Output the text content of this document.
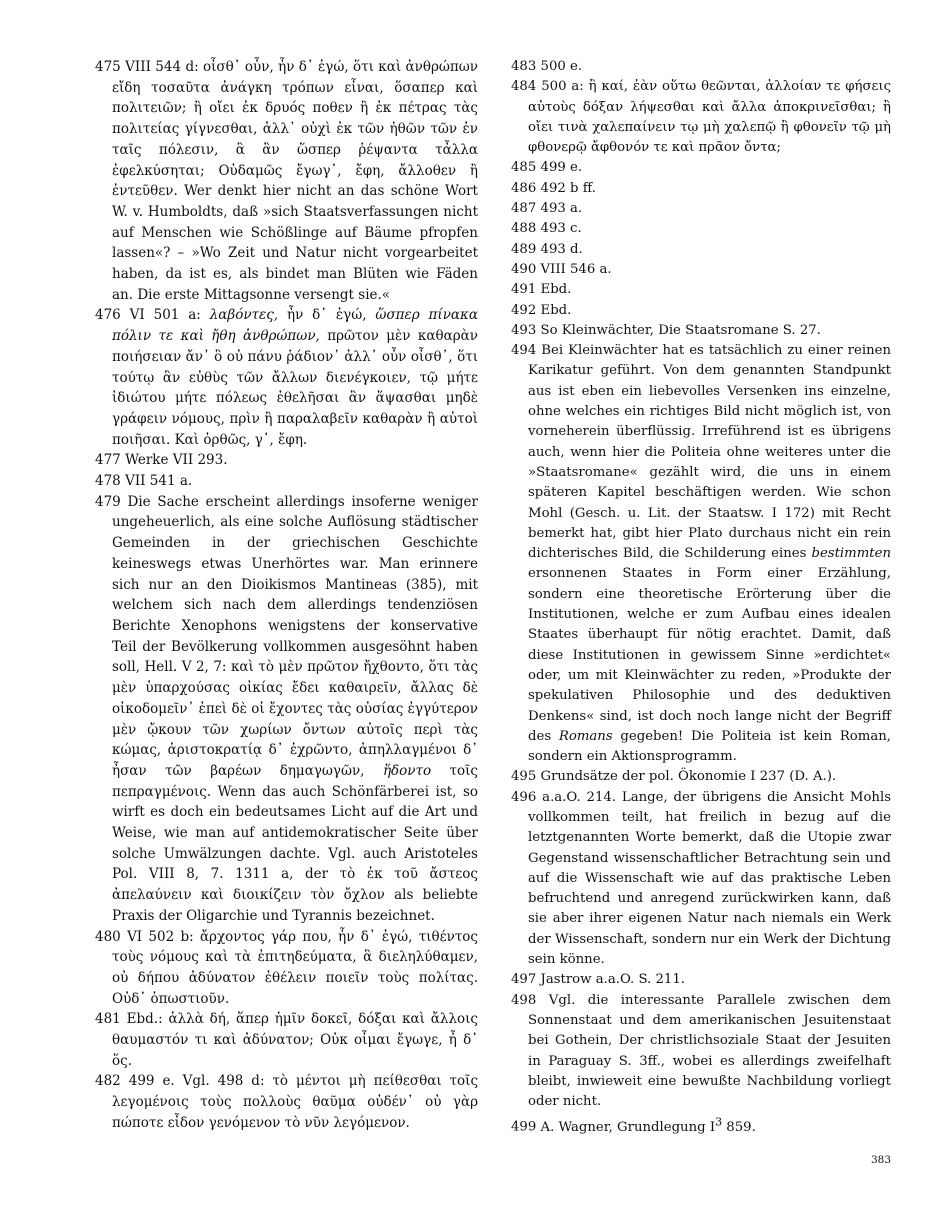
475 VIII 544 d: οἶσθ᾽ οὖν, ἦν δ᾽ ἐγώ, ὅτι καὶ ἀνθρώπων εἴδη τοσαῦτα ἀνάγκη τρόπων εἶναι, ὅσαπερ καὶ πολιτειῶν; ἢ οἴει ἐκ δρυός ποθεν ἢ ἐκ πέτρας τὰς πολιτείας γίγνεσθαι, ἀλλ᾽ οὐχὶ ἐκ τῶν ἠθῶν τῶν ἐν ταῖς πόλεσιν, ἃ ἂν ὥσπερ ῥέψαντα τἆλλα ἐφελκύσηται; Οὐδαμῶς ἔγωγ᾽, ἔφη, ἄλλοθεν ἢ ἐντεῦθεν. Wer denkt hier nicht an das schöne Wort W. v. Humboldts, daß »sich Staatsverfassungen nicht auf Menschen wie Schößlinge auf Bäume pfropfen lassen«? – »Wo Zeit und Natur nicht vorgearbeitet haben, da ist es, als bindet man Blüten wie Fäden an. Die erste Mittagsonne versengt sie.«

476 VI 501 a: λαβόντες, ἦν δ᾽ ἐγώ, ὥσπερ πίνακα πόλιν τε καὶ ἤθη ἀνθρώπων, πρῶτον μὲν καθαρὰν ποιήσειαν ἄν᾽ ὃ οὐ πάνυ ῥάδιον᾽ ἀλλ᾽ οὖν οἶσθ᾽, ὅτι τούτῳ ἂν εὐθὺς τῶν ἄλλων διενέγκοιεν, τῷ μήτε ἰδιώτου μήτε πόλεως ἐθελῆσαι ἂν ἅψασθαι μηδὲ γράφειν νόμους, πρὶν ἢ παραλαβεῖν καθαρὰν ἢ αὐτοὶ ποιῆσαι. Καὶ ὀρθῶς, γ᾽, ἔφη.

477 Werke VII 293.

478 VII 541 a.

479 Die Sache erscheint allerdings insoferne weniger ungeheuerlich, als eine solche Auflösung städtischer Gemeinden in der griechischen Geschichte keineswegs etwas Unerhörtes war. Man erinnere sich nur an den Dioikismos Mantineas (385), mit welchem sich nach dem allerdings tendenziösen Berichte Xenophons wenigstens der konservative Teil der Bevölkerung vollkommen ausgesöhnt haben soll, Hell. V 2, 7: καὶ τὸ μὲν πρῶτον ἤχθοντο, ὅτι τὰς μὲν ὑπαρχούσας οἰκίας ἔδει καθαιρεῖν, ἄλλας δὲ οἰκοδομεῖν᾽ ἐπεὶ δὲ οἱ ἔχοντες τὰς οὐσίας ἐγγύτερον μὲν ᾤκουν τῶν χωρίων ὄντων αὐτοῖς περὶ τὰς κώμας, ἀριστοκρατίᾳ δ᾽ ἐχρῶντο, ἀπηλλαγμένοι δ᾽ ἦσαν τῶν βαρέων δημαγωγῶν, ἥδοντο τοῖς πεπραγμένοις. Wenn das auch Schönfärberei ist, so wirft es doch ein bedeutsames Licht auf die Art und Weise, wie man auf antidemokratischer Seite über solche Umwälzungen dachte. Vgl. auch Aristoteles Pol. VIII 8, 7. 1311 a, der τὸ ἐκ τοῦ ἄστεος ἀπελαύνειν καὶ διοικίζειν τὸν ὄχλον als beliebte Praxis der Oligarchie und Tyrannis bezeichnet.

480 VI 502 b: ἄρχοντος γάρ που, ἦν δ᾽ ἐγώ, τιθέντος τοὺς νόμους καὶ τὰ ἐπιτηδεύματα, ἃ διεληλύθαμεν, οὐ δήπου ἀδύνατον ἐθέλειν ποιεῖν τοὺς πολίτας. Οὐδ᾽ ὁπωστιοῦν.

481 Ebd.: ἀλλὰ δή, ἅπερ ἡμῖν δοκεῖ, δόξαι καὶ ἄλλοις θαυμαστόν τι καὶ ἀδύνατον; Οὐκ οἶμαι ἔγωγε, ἦ δ᾽ ὅς.

482 499 e. Vgl. 498 d: τὸ μέντοι μὴ πείθεσθαι τοῖς λεγομένοις τοὺς πολλοὺς θαῦμα οὐδέν᾽ οὐ γὰρ πώποτε εἶδον γενόμενον τὸ νῦν λεγόμενον.

483 500 e.

484 500 a: ἢ καί, ἐὰν οὕτω θεῶνται, ἀλλοίαν τε φήσεις αὐτοὺς δόξαν λήψεσθαι καὶ ἄλλα ἀποκρινεῖσθαι; ἢ οἴει τινὰ χαλεπαίνειν τῳ μὴ χαλεπῷ ἢ φθονεῖν τῷ μὴ φθονερῷ ἄφθονόν τε καὶ πρᾶον ὄντα;

485 499 e.

486 492 b ff.

487 493 a.

488 493 c.

489 493 d.

490 VIII 546 a.

491 Ebd.

492 Ebd.

493 So Kleinwächter, Die Staatsromane S. 27.

494 Bei Kleinwächter hat es tatsächlich zu einer reinen Karikatur geführt. Von dem genannten Standpunkt aus ist eben ein liebevolles Versenken ins einzelne, ohne welches ein richtiges Bild nicht möglich ist, von vorneherein überflüssig. Irreführend ist es übrigens auch, wenn hier die Politeia ohne weiteres unter die »Staatsromane« gezählt wird, die uns in einem späteren Kapitel beschäftigen werden. Wie schon Mohl (Gesch. u. Lit. der Staatsw. I 172) mit Recht bemerkt hat, gibt hier Plato durchaus nicht ein rein dichterisches Bild, die Schilderung eines bestimmten ersonnenen Staates in Form einer Erzählung, sondern eine theoretische Erörterung über die Institutionen, welche er zum Aufbau eines idealen Staates überhaupt für nötig erachtet. Damit, daß diese Institutionen in gewissem Sinne »erdichtet« oder, um mit Kleinwächter zu reden, »Produkte der spekulativen Philosophie und des deduktiven Denkens« sind, ist doch noch lange nicht der Begriff des Romans gegeben! Die Politeia ist kein Roman, sondern ein Aktionsprogramm.

495 Grundsätze der pol. Ökonomie I 237 (D. A.).

496 a.a.O. 214. Lange, der übrigens die Ansicht Mohls vollkommen teilt, hat freilich in bezug auf die letztgenannten Worte bemerkt, daß die Utopie zwar Gegenstand wissenschaftlicher Betrachtung sein und auf die Wissenschaft wie auf das praktische Leben befruchtend und anregend zurückwirken kann, daß sie aber ihrer eigenen Natur nach niemals ein Werk der Wissenschaft, sondern nur ein Werk der Dichtung sein könne.

497 Jastrow a.a.O. S. 211.

498 Vgl. die interessante Parallele zwischen dem Sonnenstaat und dem amerikanischen Jesuitenstaat bei Gothein, Der christlichsoziale Staat der Jesuiten in Paraguay S. 3ff., wobei es allerdings zweifelhaft bleibt, inwieweit eine bewußte Nachbildung vorliegt oder nicht.

499 A. Wagner, Grundlegung $I^3$ 859.

383
